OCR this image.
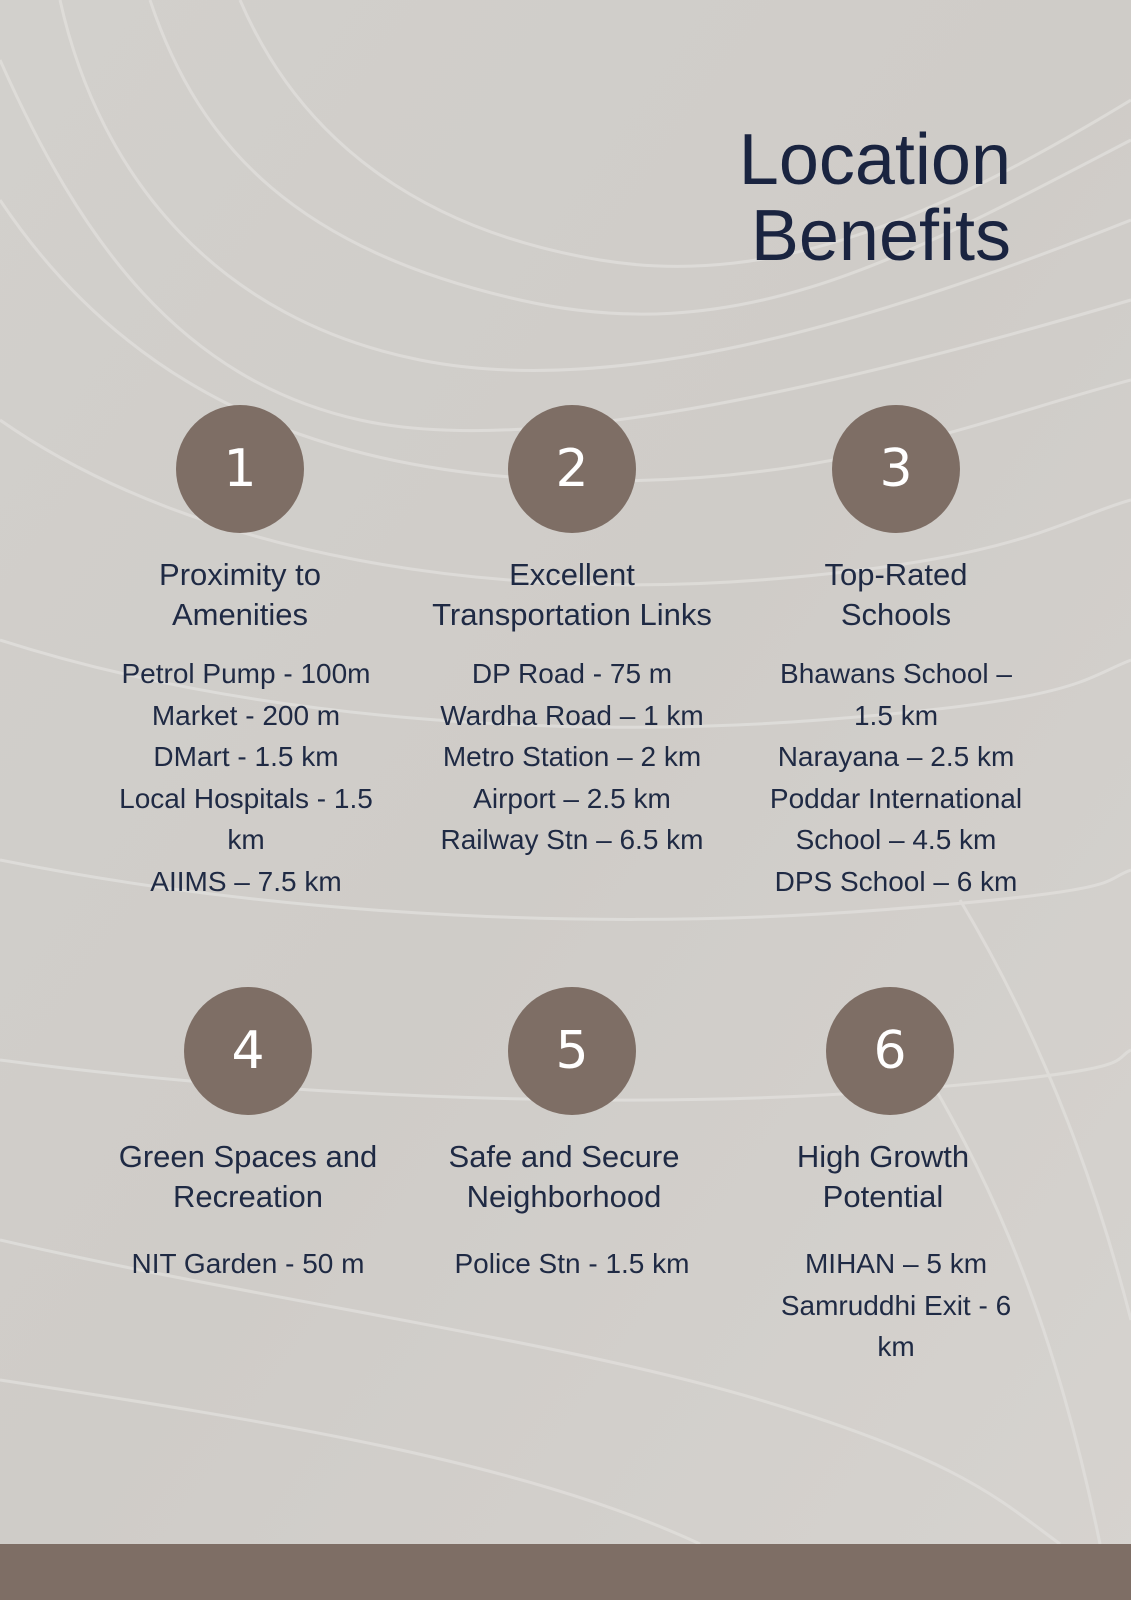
Location
Benefits
1
Proximity to
Amenities
Petrol Pump - 100m
Market - 200 m
DMart - 1.5 km
Local Hospitals - 1.5
km
AIIMS – 7.5 km
2
Excellent
Transportation Links
DP Road - 75 m
Wardha Road – 1 km
Metro Station – 2 km
Airport – 2.5 km
Railway Stn – 6.5 km
3
Top-Rated
Schools
Bhawans School –
1.5 km
Narayana – 2.5 km
Poddar International
School – 4.5 km
DPS School – 6 km
4
Green Spaces and
Recreation
NIT Garden - 50 m
5
Safe and Secure
Neighborhood
Police Stn - 1.5 km
6
High Growth
Potential
MIHAN – 5 km
Samruddhi Exit - 6
km
